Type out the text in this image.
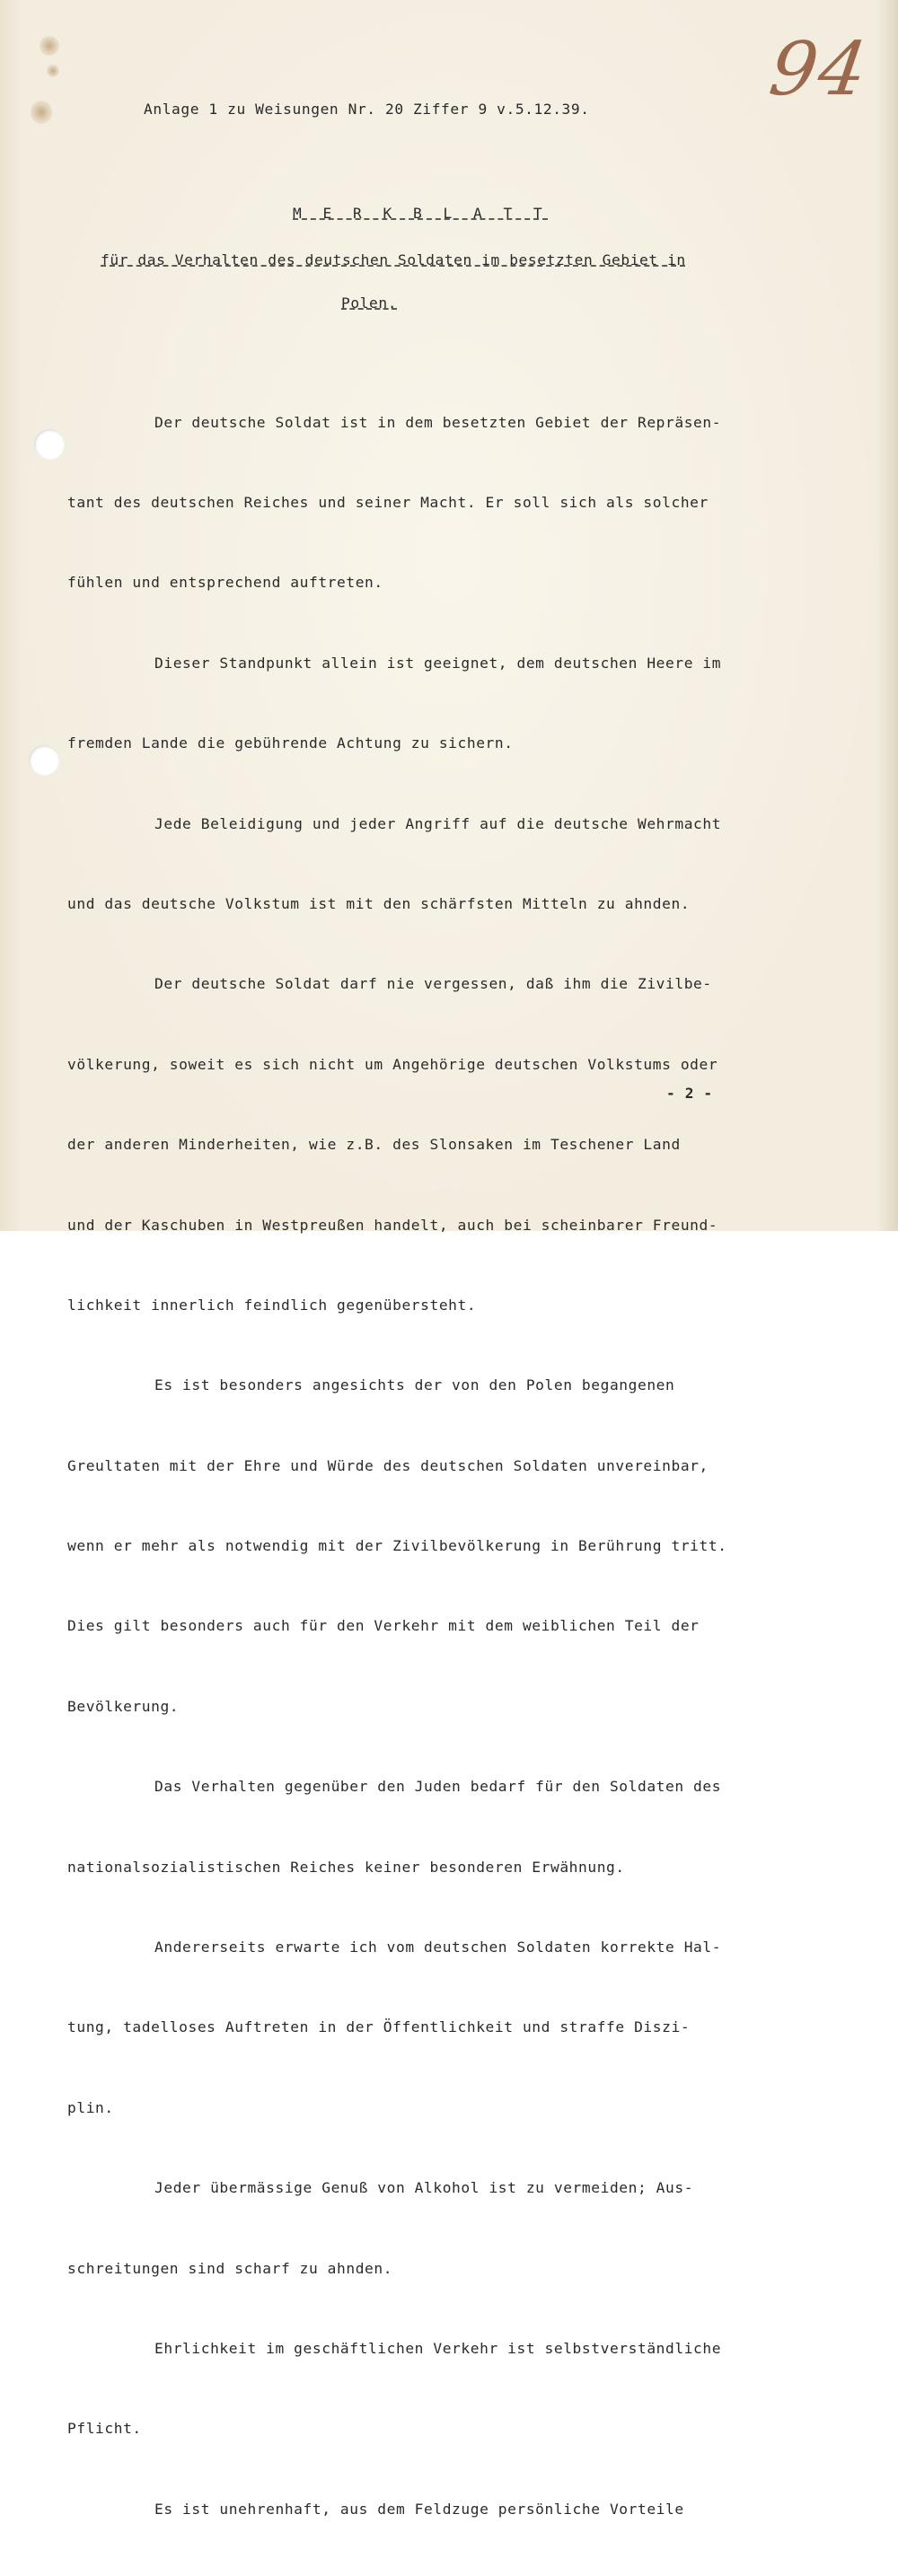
94
Anlage 1 zu Weisungen Nr. 20 Ziffer 9 v.5.12.39.
M E R K B L A T T
für das Verhalten des deutschen Soldaten im besetzten Gebiet in
Polen.

Der deutsche Soldat ist in dem besetzten Gebiet der Repräsen-

tant des deutschen Reiches und seiner Macht. Er soll sich als solcher

fühlen und entsprechend auftreten.

Dieser Standpunkt allein ist geeignet, dem deutschen Heere im

fremden Lande die gebührende Achtung zu sichern.

Jede Beleidigung und jeder Angriff auf die deutsche Wehrmacht

und das deutsche Volkstum ist mit den schärfsten Mitteln zu ahnden.

Der deutsche Soldat darf nie vergessen, daß ihm die Zivilbe-

völkerung, soweit es sich nicht um Angehörige deutschen Volkstums oder

der anderen Minderheiten, wie z.B. des Slonsaken im Teschener Land

und der Kaschuben in Westpreußen handelt, auch bei scheinbarer Freund-

lichkeit innerlich feindlich gegenübersteht.

Es ist besonders angesichts der von den Polen begangenen

Greultaten mit der Ehre und Würde des deutschen Soldaten unvereinbar,

wenn er mehr als notwendig mit der Zivilbevölkerung in Berührung tritt.

Dies gilt besonders auch für den Verkehr mit dem weiblichen Teil der

Bevölkerung.

Das Verhalten gegenüber den Juden bedarf für den Soldaten des

nationalsozialistischen Reiches keiner besonderen Erwähnung.

Andererseits erwarte ich vom deutschen Soldaten korrekte Hal-

tung, tadelloses Auftreten in der Öffentlichkeit und straffe Diszi-

plin.

Jeder übermässige Genuß von Alkohol ist zu vermeiden; Aus-

schreitungen sind scharf zu ahnden.

Ehrlichkeit im geschäftlichen Verkehr ist selbstverständliche

Pflicht.

Es ist unehrenhaft, aus dem Feldzuge persönliche Vorteile

- 2 -
